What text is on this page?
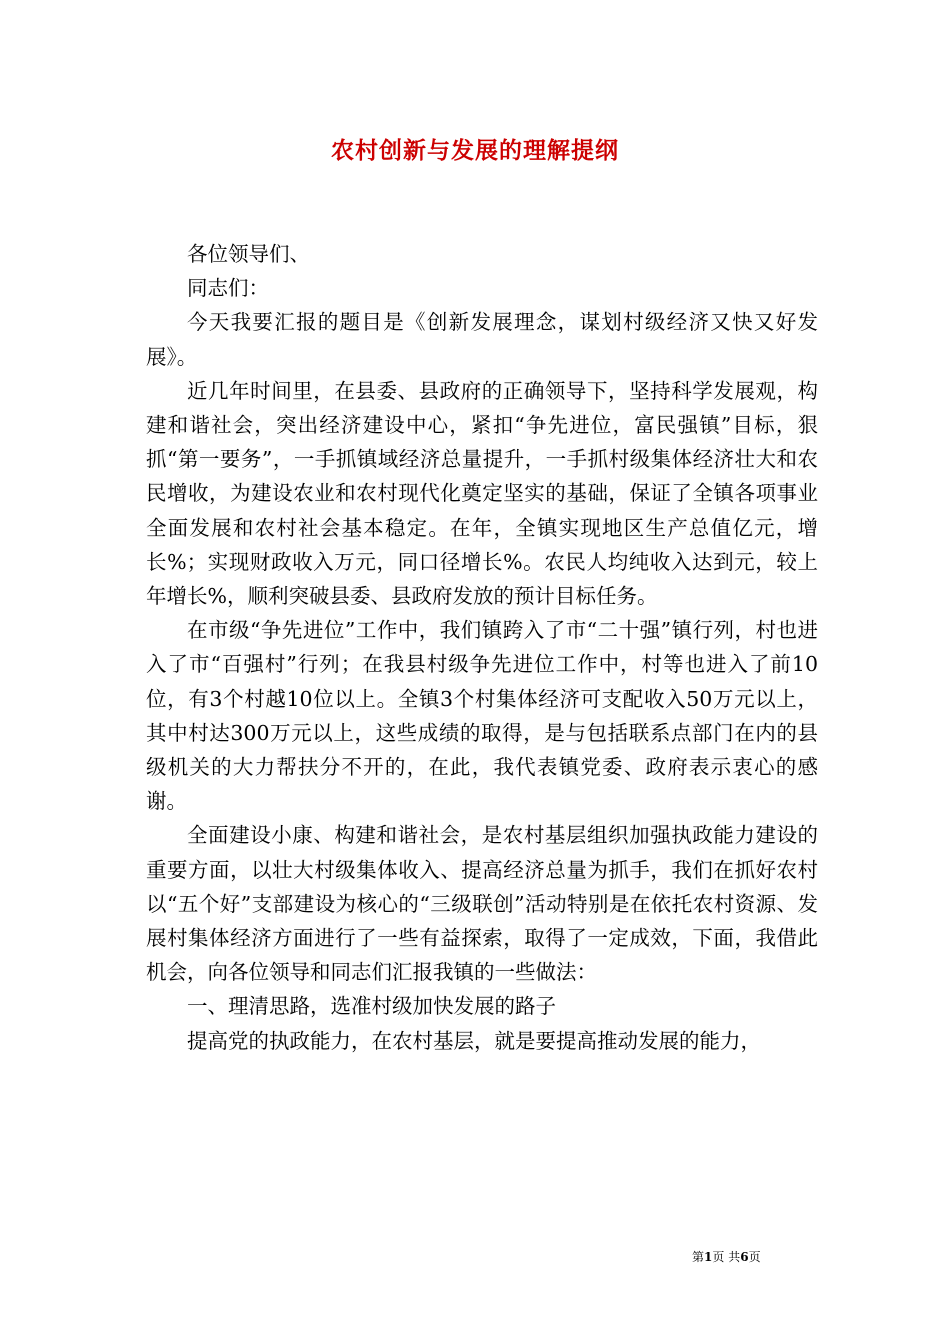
农村创新与发展的理解提纲

各位领导们、

同志们：

今天我要汇报的题目是《创新发展理念，谋划村级经济又快又好发展》。

近几年时间里，在县委、县政府的正确领导下，坚持科学发展观，构建和谐社会，突出经济建设中心，紧扣“争先进位，富民强镇”目标，狠抓“第一要务”，一手抓镇域经济总量提升，一手抓村级集体经济壮大和农民增收，为建设农业和农村现代化奠定坚实的基础，保证了全镇各项事业全面发展和农村社会基本稳定。在年，全镇实现地区生产总值亿元，增长%；实现财政收入万元，同口径增长%。农民人均纯收入达到元，较上年增长%，顺利突破县委、县政府发放的预计目标任务。

在市级“争先进位”工作中，我们镇跨入了市“二十强”镇行列，村也进入了市“百强村”行列；在我县村级争先进位工作中，村等也进入了前10位，有3个村越10位以上。全镇3个村集体经济可支配收入50万元以上，其中村达300万元以上，这些成绩的取得，是与包括联系点部门在内的县级机关的大力帮扶分不开的，在此，我代表镇党委、政府表示衷心的感谢。

全面建设小康、构建和谐社会，是农村基层组织加强执政能力建设的重要方面，以壮大村级集体收入、提高经济总量为抓手，我们在抓好农村以“五个好”支部建设为核心的“三级联创”活动特别是在依托农村资源、发展村集体经济方面进行了一些有益探索，取得了一定成效，下面，我借此机会，向各位领导和同志们汇报我镇的一些做法：

一、理清思路，选准村级加快发展的路子

提高党的执政能力，在农村基层，就是要提高推动发展的能力，

第1页 共6页
